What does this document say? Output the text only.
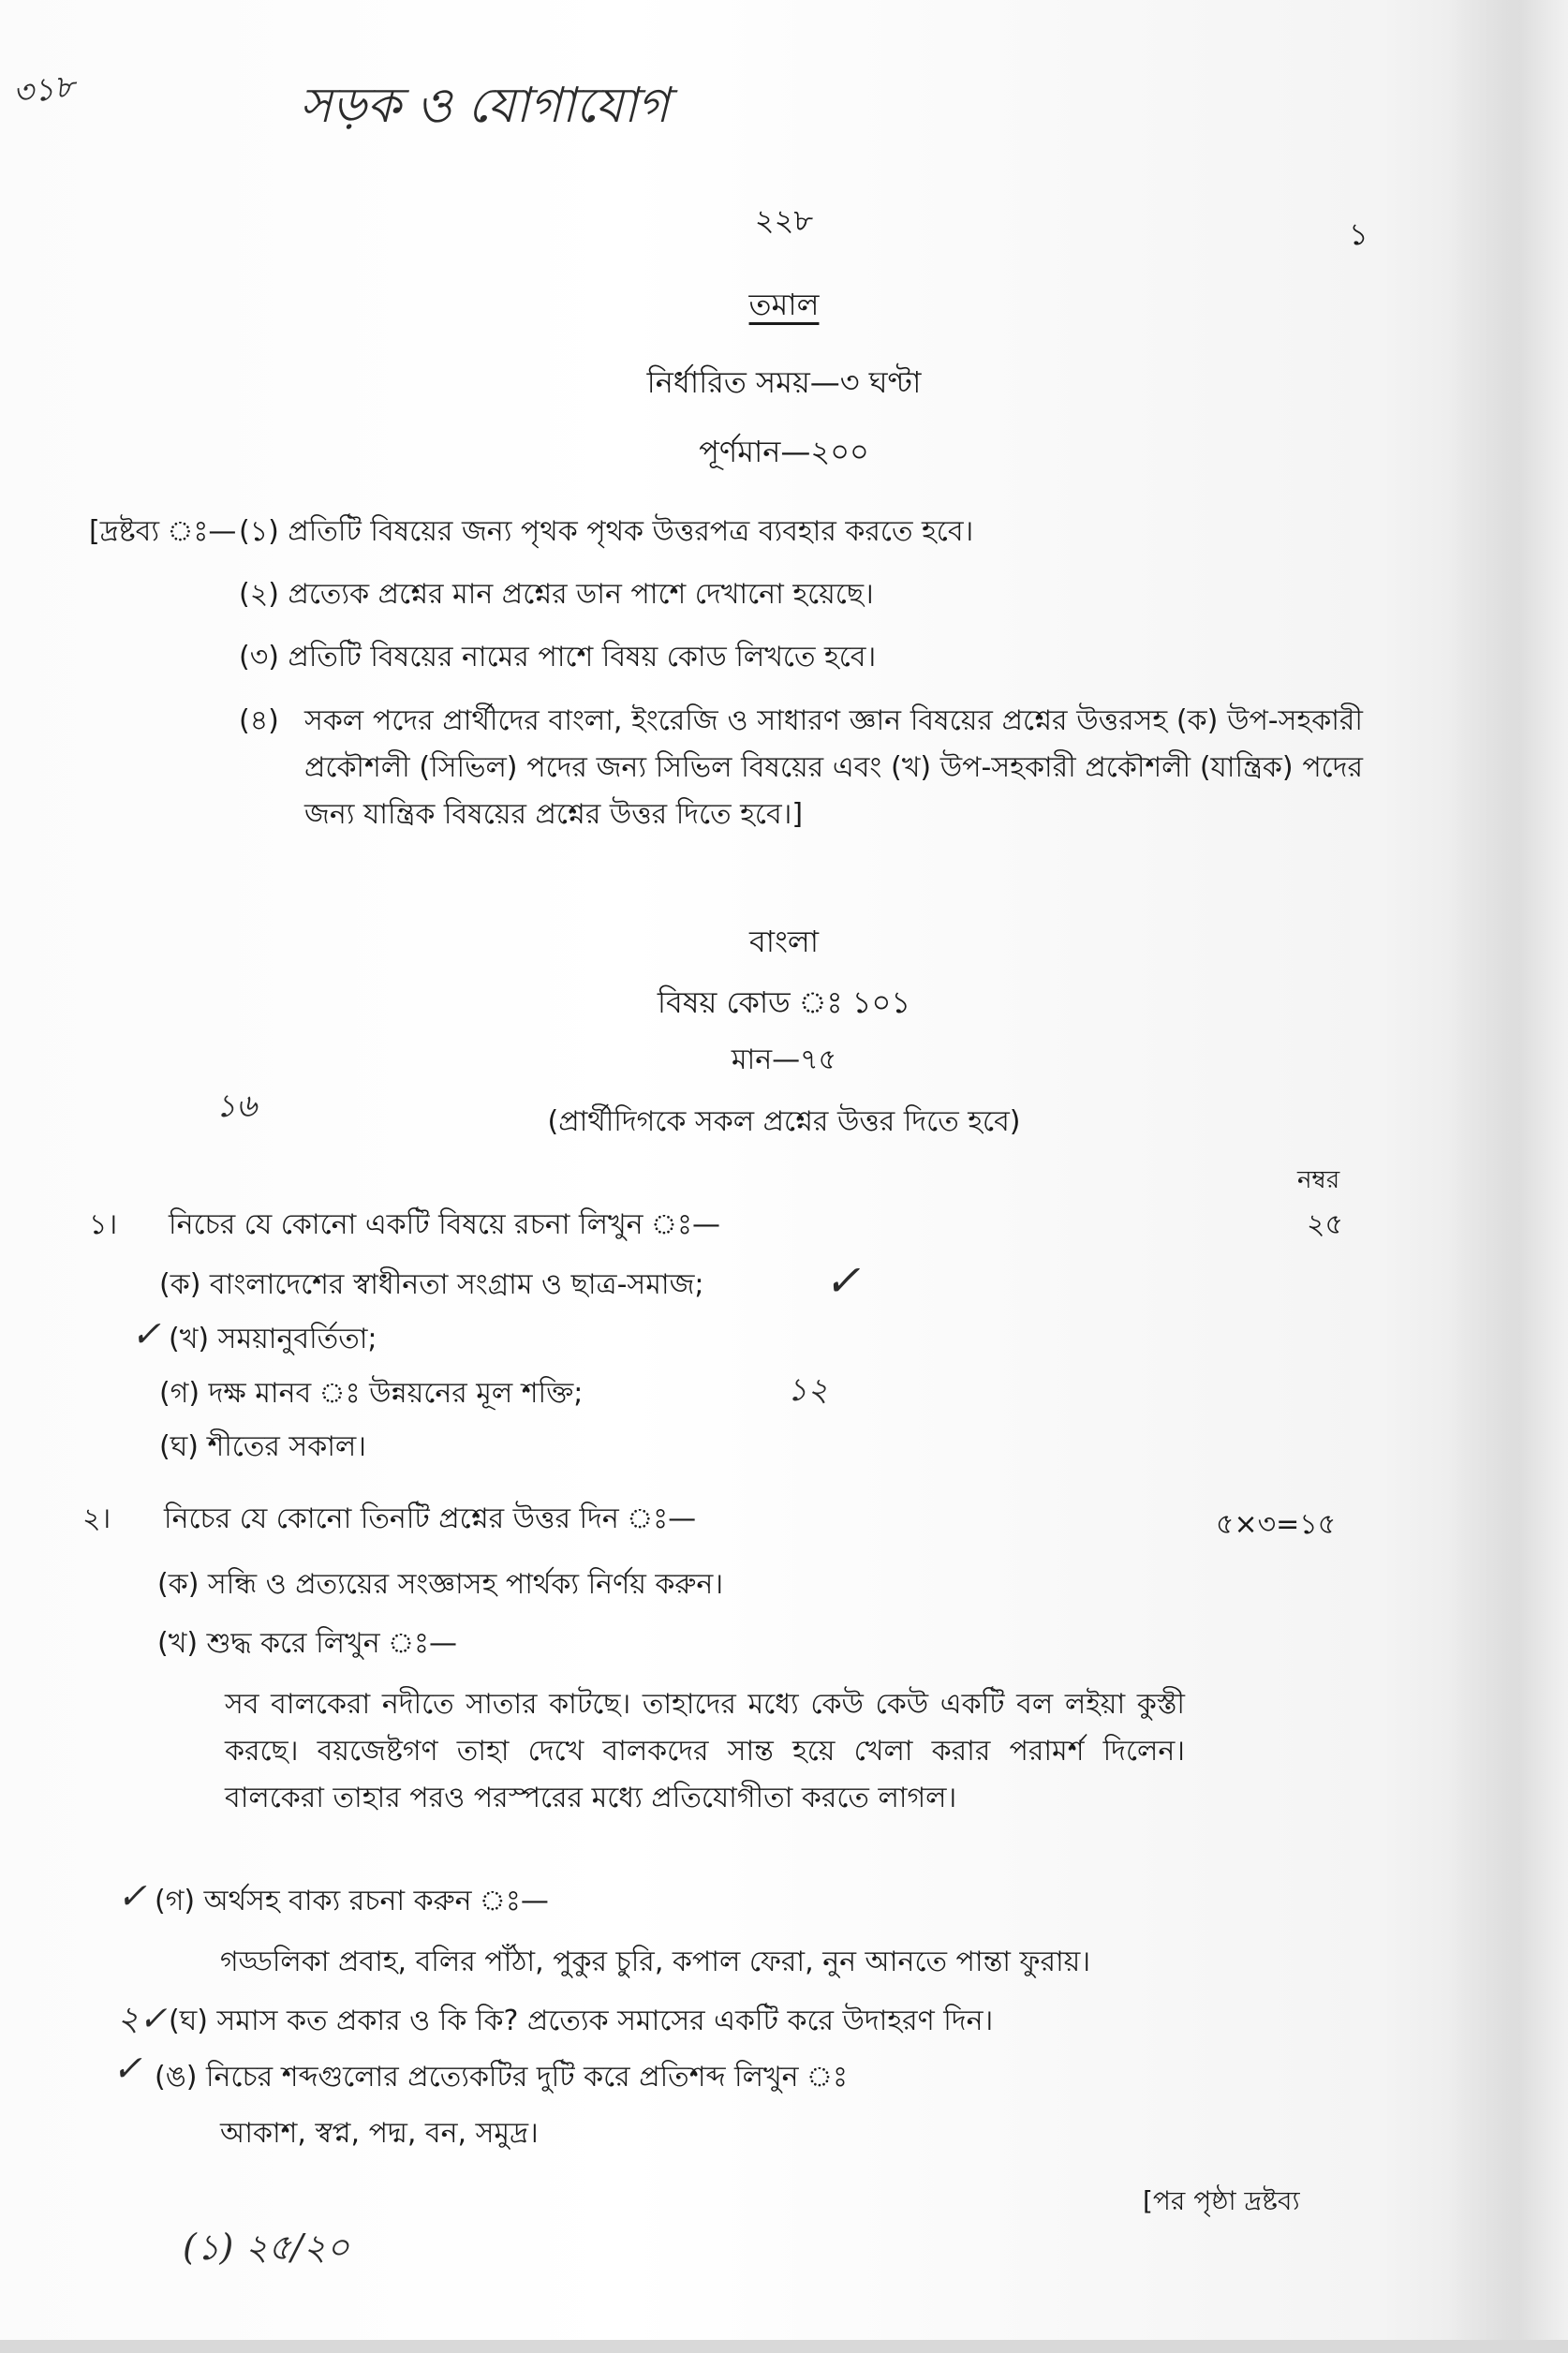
৩১৮	সড়ক ও যোগাযোগ
২২৮	১
তমাল
নির্ধারিত সময়—৩ ঘণ্টা
পূর্ণমান—২০০
[দ্রষ্টব্য ঃ— (১) প্রতিটি বিষয়ের জন্য পৃথক পৃথক উত্তরপত্র ব্যবহার করতে হবে।
(২) প্রত্যেক প্রশ্নের মান প্রশ্নের ডান পাশে দেখানো হয়েছে।
(৩) প্রতিটি বিষয়ের নামের পাশে বিষয় কোড লিখতে হবে।
(৪) সকল পদের প্রার্থীদের বাংলা, ইংরেজি ও সাধারণ জ্ঞান বিষয়ের প্রশ্নের উত্তরসহ (ক) উপ-সহকারী প্রকৌশলী (সিভিল) পদের জন্য সিভিল বিষয়ের এবং (খ) উপ-সহকারী প্রকৌশলী (যান্ত্রিক) পদের জন্য যান্ত্রিক বিষয়ের প্রশ্নের উত্তর দিতে হবে।]
বাংলা
বিষয় কোড ঃ ১০১
মান—৭৫
১৬	(প্রার্থীদিগকে সকল প্রশ্নের উত্তর দিতে হবে)
নম্বর
১। নিচের যে কোনো একটি বিষয়ে রচনা লিখুন ঃ—	২৫
(ক) বাংলাদেশের স্বাধীনতা সংগ্রাম ও ছাত্র-সমাজ;	✓
✓ (খ) সময়ানুবর্তিতা;
(গ) দক্ষ মানব ঃ উন্নয়নের মূল শক্তি;	১২
(ঘ) শীতের সকাল।
২। নিচের যে কোনো তিনটি প্রশ্নের উত্তর দিন ঃ—	৫×৩=১৫
(ক) সন্ধি ও প্রত্যয়ের সংজ্ঞাসহ পার্থক্য নির্ণয় করুন।
(খ) শুদ্ধ করে লিখুন ঃ—
সব বালকেরা নদীতে সাতার কাটছে। তাহাদের মধ্যে কেউ কেউ একটি বল লইয়া কুস্তী করছে। বয়জেষ্টগণ তাহা দেখে বালকদের সান্ত হয়ে খেলা করার পরামর্শ দিলেন। বালকেরা তাহার পরও পরস্পরের মধ্যে প্রতিযোগীতা করতে লাগল।
✓ (গ) অর্থসহ বাক্য রচনা করুন ঃ—
গড্ডলিকা প্রবাহ, বলির পাঁঠা, পুকুর চুরি, কপাল ফেরা, নুন আনতে পান্তা ফুরায়।
২✓ (ঘ) সমাস কত প্রকার ও কি কি? প্রত্যেক সমাসের একটি করে উদাহরণ দিন।
✓ (ঙ) নিচের শব্দগুলোর প্রত্যেকটির দুটি করে প্রতিশব্দ লিখুন ঃ
আকাশ, স্বপ্ন, পদ্ম, বন, সমুদ্র।
[পর পৃষ্ঠা দ্রষ্টব্য
(১) ২৫/২০
